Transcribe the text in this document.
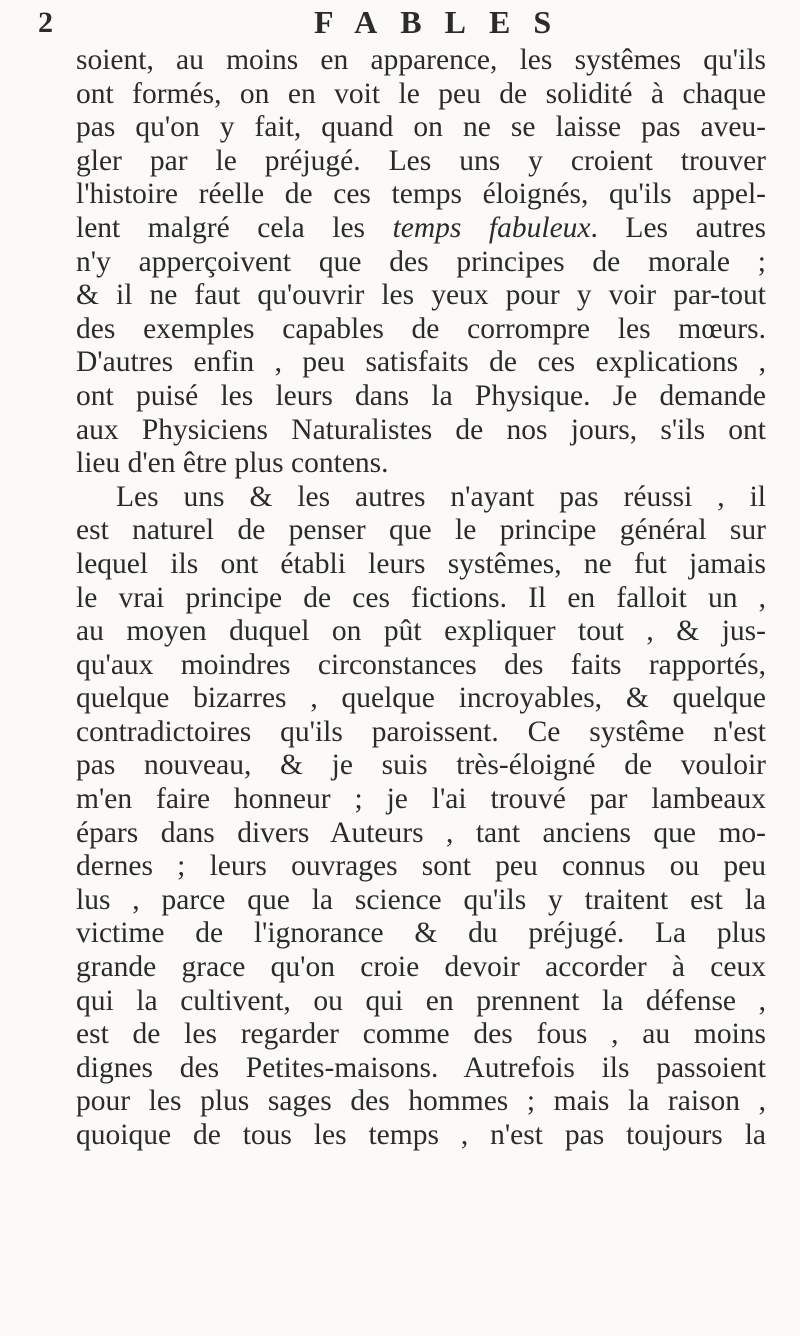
2	FABLES
soient, au moins en apparence, les systêmes qu'ils
ont formés, on en voit le peu de solidité à chaque
pas qu'on y fait, quand on ne se laisse pas aveu-
gler par le préjugé. Les uns y croient trouver
l'histoire réelle de ces temps éloignés, qu'ils appel-
lent malgré cela les temps fabuleux. Les autres
n'y apperçoivent que des principes de morale ;
& il ne faut qu'ouvrir les yeux pour y voir par-tout
des exemples capables de corrompre les mœurs.
D'autres enfin , peu satisfaits de ces explications ,
ont puisé les leurs dans la Physique. Je demande
aux Physiciens Naturalistes de nos jours, s'ils ont
lieu d'en être plus contens.
Les uns & les autres n'ayant pas réussi , il
est naturel de penser que le principe général sur
lequel ils ont établi leurs systêmes, ne fut jamais
le vrai principe de ces fictions. Il en falloit un ,
au moyen duquel on pût expliquer tout , & jus-
qu'aux moindres circonstances des faits rapportés,
quelque bizarres , quelque incroyables, & quelque
contradictoires qu'ils paroissent. Ce systême n'est
pas nouveau, & je suis très-éloigné de vouloir
m'en faire honneur ; je l'ai trouvé par lambeaux
épars dans divers Auteurs , tant anciens que mo-
dernes ; leurs ouvrages sont peu connus ou peu
lus , parce que la science qu'ils y traitent est la
victime de l'ignorance & du préjugé. La plus
grande grace qu'on croie devoir accorder à ceux
qui la cultivent, ou qui en prennent la défense ,
est de les regarder comme des fous , au moins
dignes des Petites-maisons. Autrefois ils passoient
pour les plus sages des hommes ; mais la raison ,
quoique de tous les temps , n'est pas toujours la
